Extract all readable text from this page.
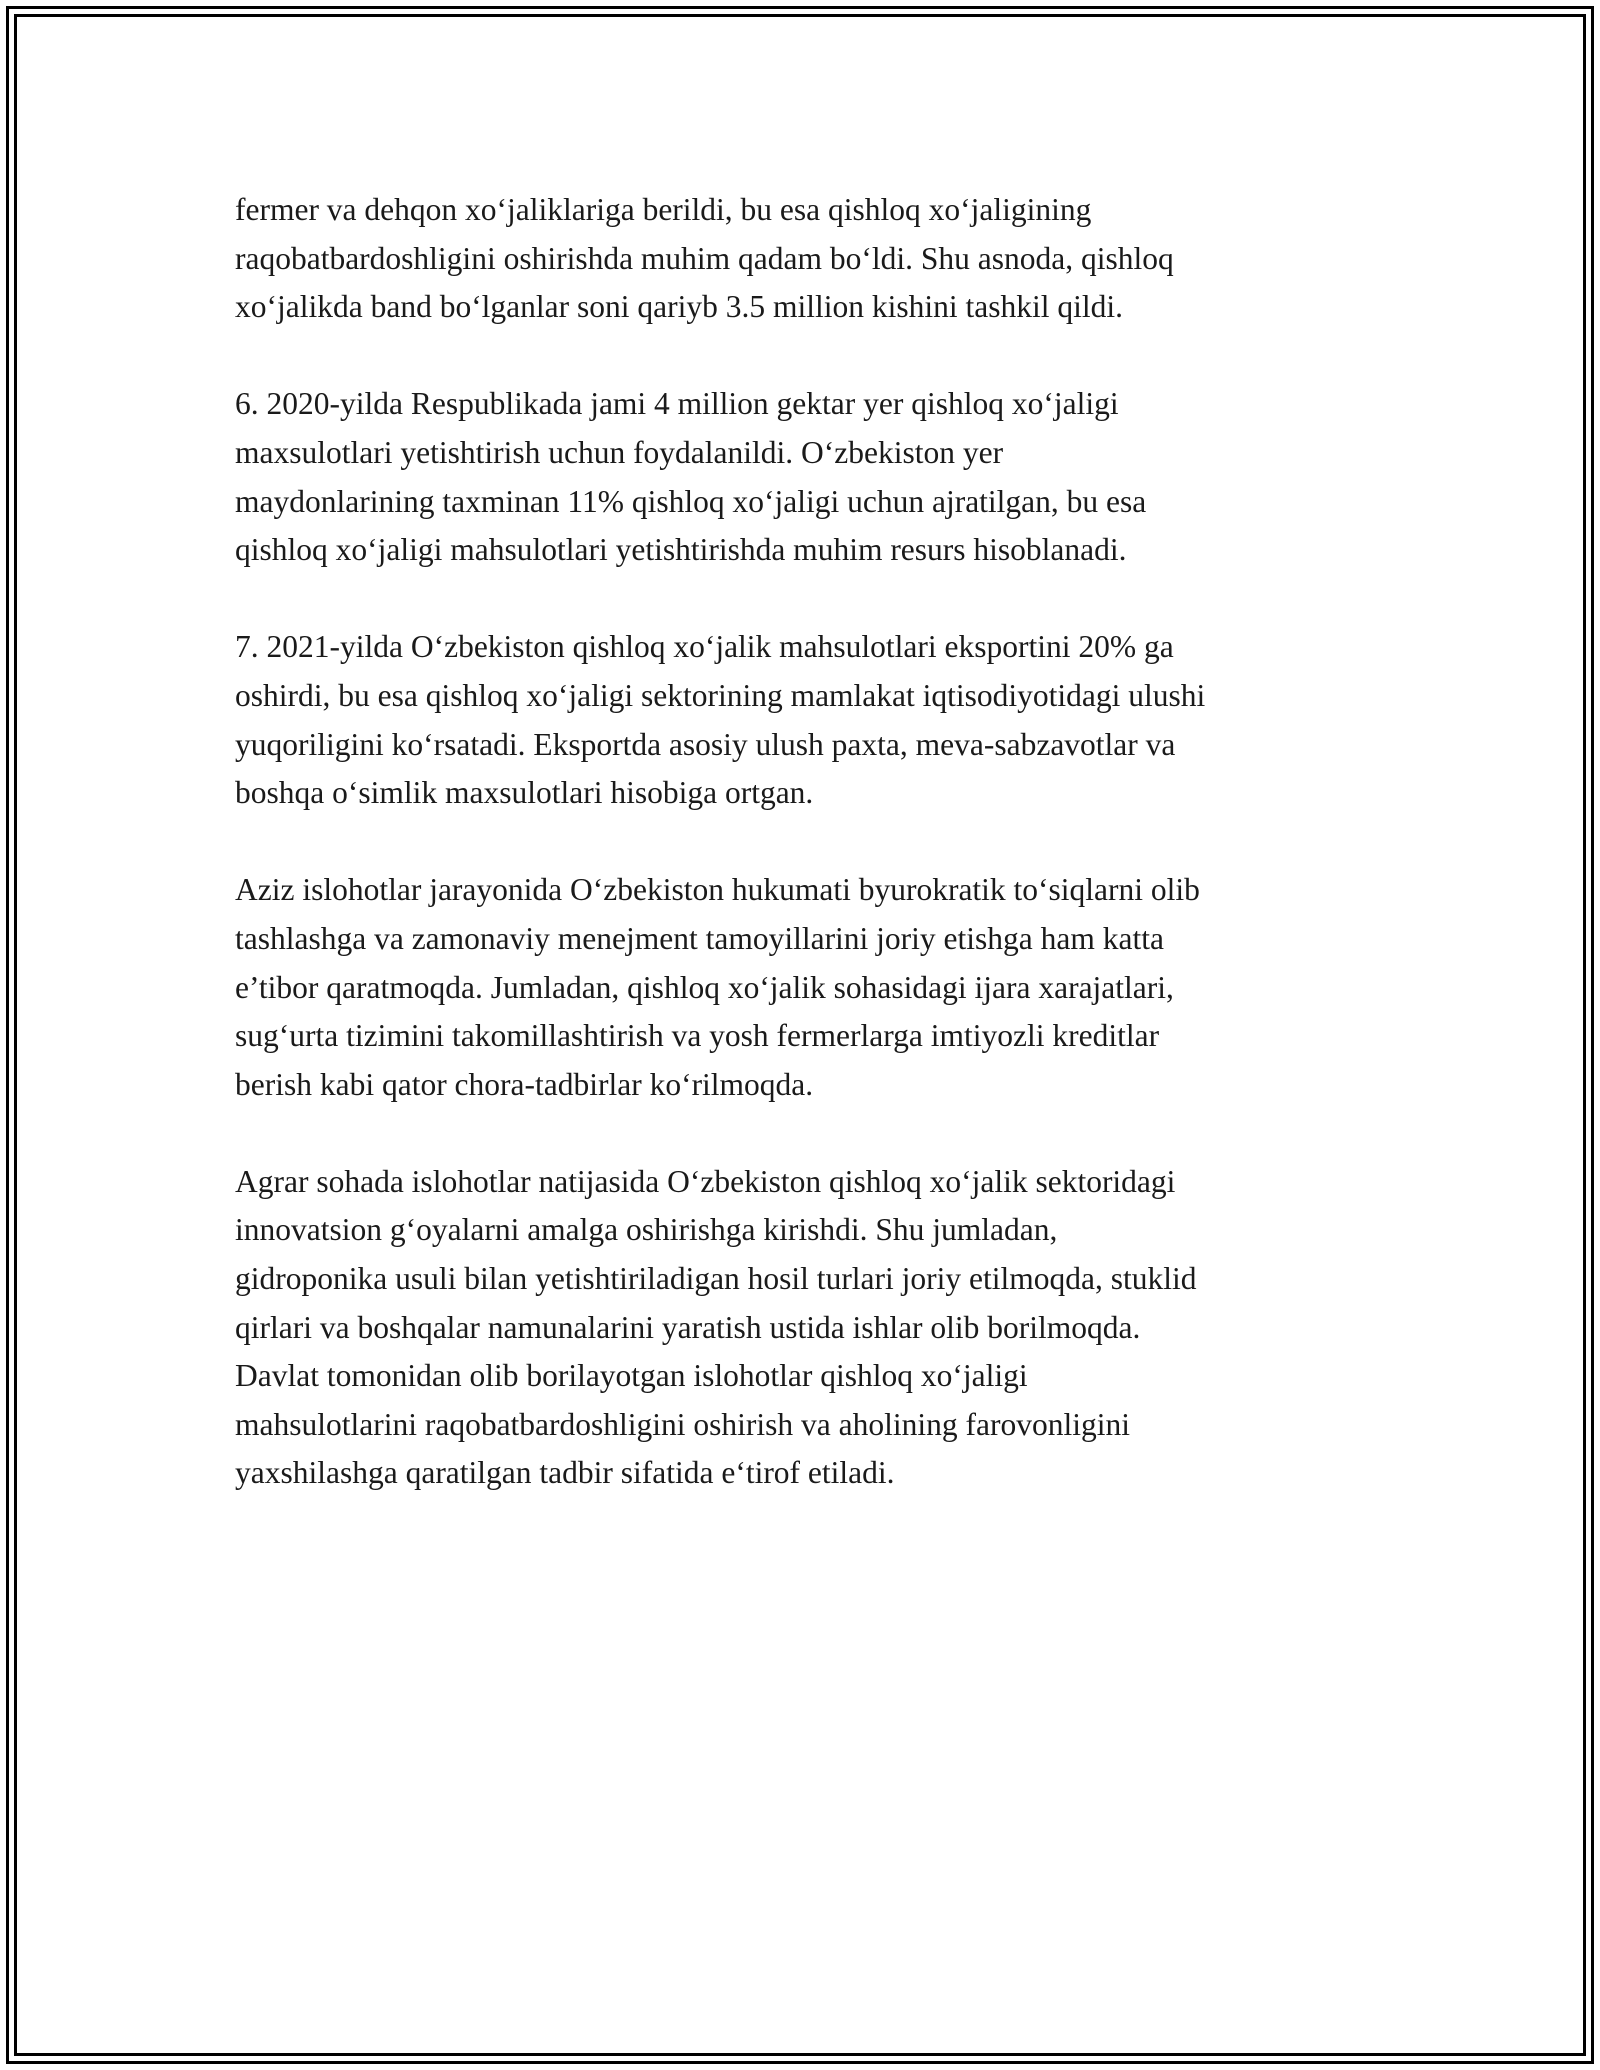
fermer va dehqon xo‘jaliklariga berildi, bu esa qishloq xo‘jaligining
raqobatbardoshligini oshirishda muhim qadam bo‘ldi. Shu asnoda, qishloq
xo‘jalikda band bo‘lganlar soni qariyb 3.5 million kishini tashkil qildi.

6. 2020-yilda Respublikada jami 4 million gektar yer qishloq xo‘jaligi
maxsulotlari yetishtirish uchun foydalanildi. O‘zbekiston yer
maydonlarining taxminan 11% qishloq xo‘jaligi uchun ajratilgan, bu esa
qishloq xo‘jaligi mahsulotlari yetishtirishda muhim resurs hisoblanadi.

7. 2021-yilda O‘zbekiston qishloq xo‘jalik mahsulotlari eksportini 20% ga
oshirdi, bu esa qishloq xo‘jaligi sektorining mamlakat iqtisodiyotidagi ulushi
yuqoriligini ko‘rsatadi. Eksportda asosiy ulush paxta, meva-sabzavotlar va
boshqa o‘simlik maxsulotlari hisobiga ortgan.

Aziz islohotlar jarayonida O‘zbekiston hukumati byurokratik to‘siqlarni olib
tashlashga va zamonaviy menejment tamoyillarini joriy etishga ham katta
e’tibor qaratmoqda. Jumladan, qishloq xo‘jalik sohasidagi ijara xarajatlari,
sug‘urta tizimini takomillashtirish va yosh fermerlarga imtiyozli kreditlar
berish kabi qator chora-tadbirlar ko‘rilmoqda.

Agrar sohada islohotlar natijasida O‘zbekiston qishloq xo‘jalik sektoridagi
innovatsion g‘oyalarni amalga oshirishga kirishdi. Shu jumladan,
gidroponika usuli bilan yetishtiriladigan hosil turlari joriy etilmoqda, stuklid
qirlari va boshqalar namunalarini yaratish ustida ishlar olib borilmoqda.
Davlat tomonidan olib borilayotgan islohotlar qishloq xo‘jaligi
mahsulotlarini raqobatbardoshligini oshirish va aholining farovonligini
yaxshilashga qaratilgan tadbir sifatida e‘tirof etiladi.
